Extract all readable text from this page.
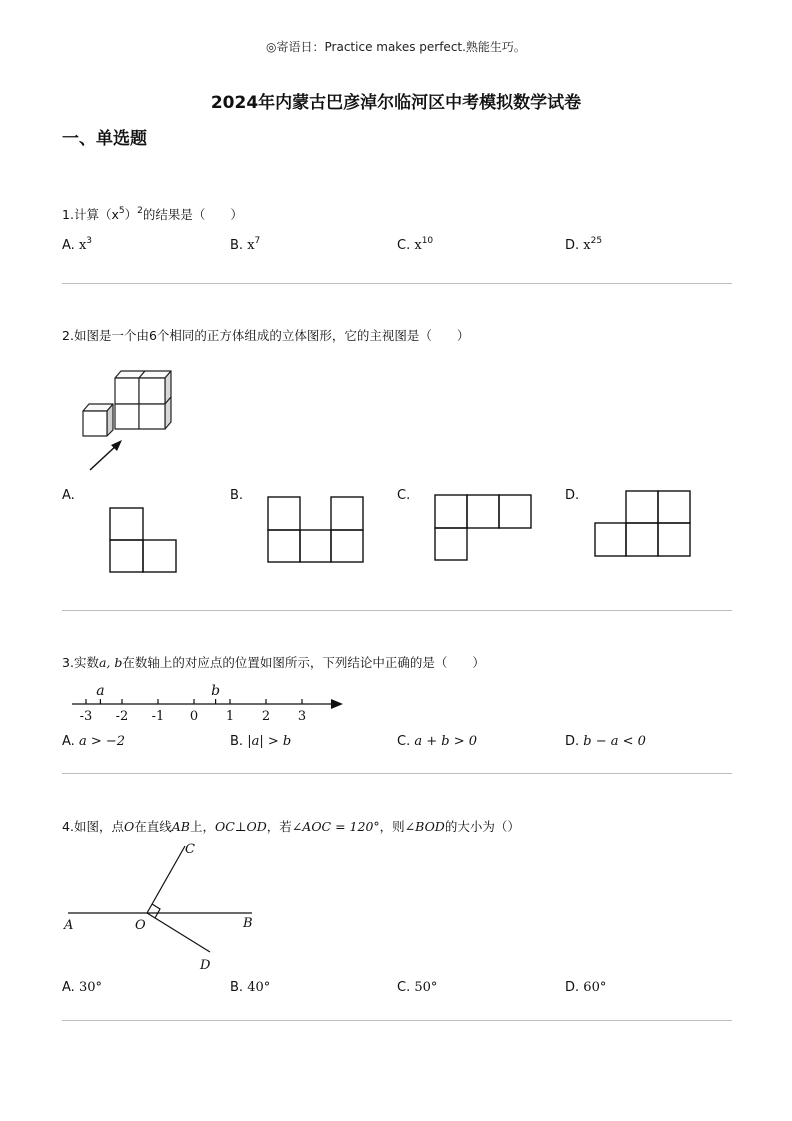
◎寄语日：Practice makes perfect.熟能生巧。
2024年内蒙古巴彦淖尔临河区中考模拟数学试卷
一、单选题
1.计算$(x^5)^2$的结果是（　　）
A. $x^3$	B. $x^7$	C. $x^{10}$	D. $x^{25}$
2.如图是一个由6个相同的正方体组成的立体图形，它的主视图是（　　）
A.	B.	C.	D.
3.实数a, b在数轴上的对应点的位置如图所示，下列结论中正确的是（　　）
-3 -2 -1 0 1 2 3
a	b
A. a > −2	B. |a| > b	C. a + b > 0	D. b − a < 0
4.如图，点O在直线AB上，OC⊥OD，若∠AOC = 120°，则∠BOD的大小为（）
A	O	B
C
D
A. 30°	B. 40°	C. 50°	D. 60°
